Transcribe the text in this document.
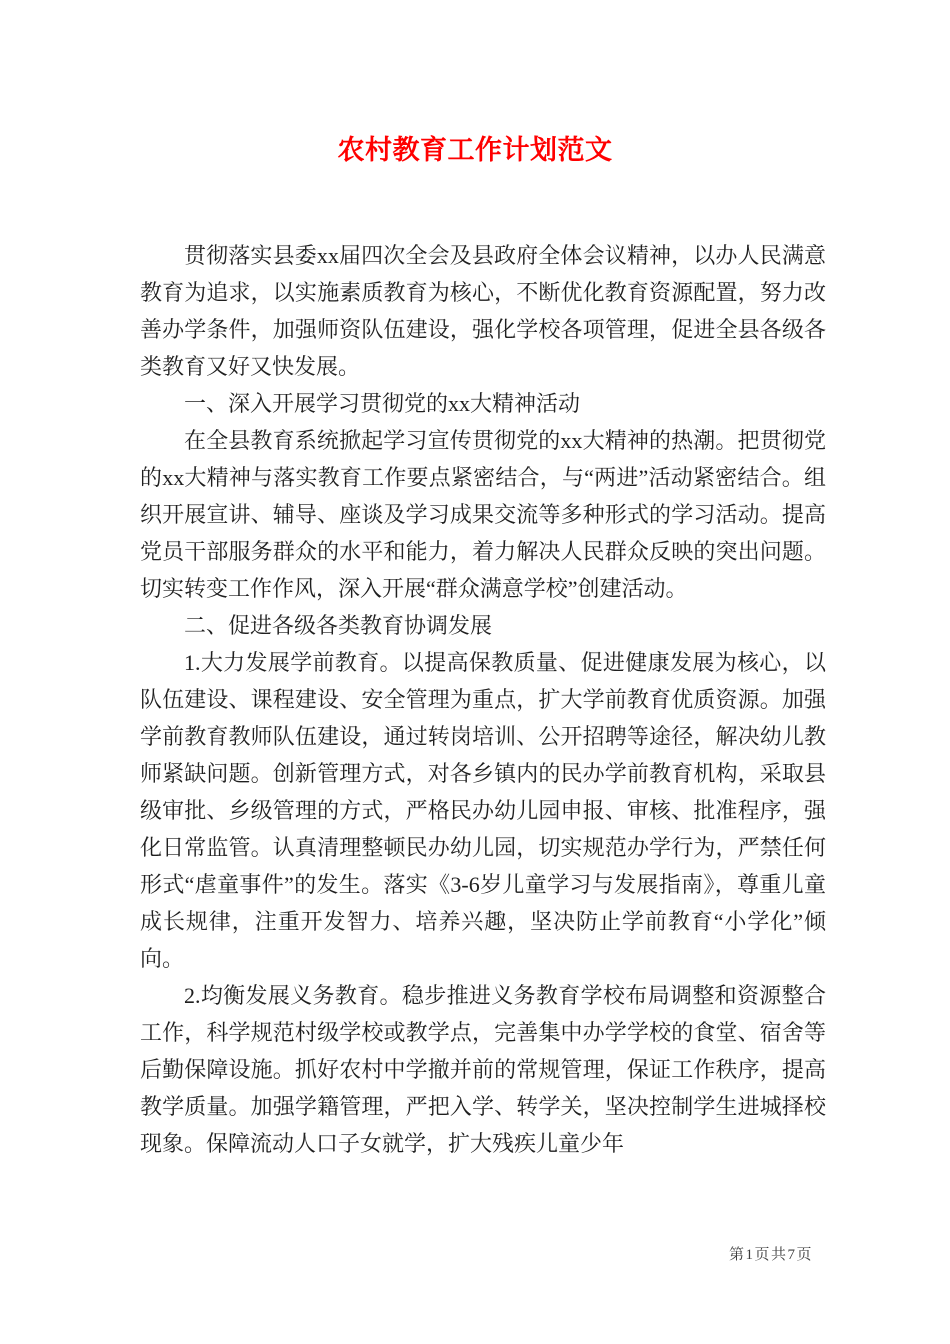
农村教育工作计划范文

贯彻落实县委xx届四次全会及县政府全体会议精神，以办人民满意教育为追求，以实施素质教育为核心，不断优化教育资源配置，努力改善办学条件，加强师资队伍建设，强化学校各项管理，促进全县各级各类教育又好又快发展。

一、深入开展学习贯彻党的xx大精神活动

在全县教育系统掀起学习宣传贯彻党的xx大精神的热潮。把贯彻党的xx大精神与落实教育工作要点紧密结合，与“两进”活动紧密结合。组织开展宣讲、辅导、座谈及学习成果交流等多种形式的学习活动。提高党员干部服务群众的水平和能力，着力解决人民群众反映的突出问题。切实转变工作作风，深入开展“群众满意学校”创建活动。

二、促进各级各类教育协调发展

1.大力发展学前教育。以提高保教质量、促进健康发展为核心，以队伍建设、课程建设、安全管理为重点，扩大学前教育优质资源。加强学前教育教师队伍建设，通过转岗培训、公开招聘等途径，解决幼儿教师紧缺问题。创新管理方式，对各乡镇内的民办学前教育机构，采取县级审批、乡级管理的方式，严格民办幼儿园申报、审核、批准程序，强化日常监管。认真清理整顿民办幼儿园，切实规范办学行为，严禁任何形式“虐童事件”的发生。落实《3-6岁儿童学习与发展指南》，尊重儿童成长规律，注重开发智力、培养兴趣，坚决防止学前教育“小学化”倾向。

2.均衡发展义务教育。稳步推进义务教育学校布局调整和资源整合工作，科学规范村级学校或教学点，完善集中办学学校的食堂、宿舍等后勤保障设施。抓好农村中学撤并前的常规管理，保证工作秩序，提高教学质量。加强学籍管理，严把入学、转学关，坚决控制学生进城择校现象。保障流动人口子女就学，扩大残疾儿童少年

第1页共7页
